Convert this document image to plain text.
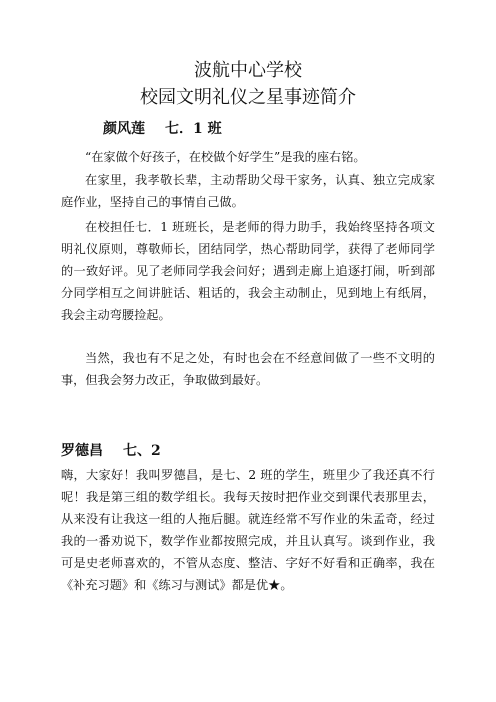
波航中心学校
校园文明礼仪之星事迹简介
颜风莲 七．1 班

“在家做个好孩子，在校做个好学生”是我的座右铭。

在家里，我孝敬长辈，主动帮助父母干家务，认真、独立完成家庭作业，坚持自己的事情自己做。

在校担任七．1 班班长，是老师的得力助手，我始终坚持各项文明礼仪原则，尊敬师长，团结同学，热心帮助同学，获得了老师同学的一致好评。见了老师同学我会问好；遇到走廊上追逐打闹，听到部分同学相互之间讲脏话、粗话的，我会主动制止，见到地上有纸屑，我会主动弯腰捡起。

当然，我也有不足之处，有时也会在不经意间做了一些不文明的事，但我会努力改正，争取做到最好。

罗德昌 七、2

嗨，大家好！我叫罗德昌，是七、2 班的学生，班里少了我还真不行呢！我是第三组的数学组长。我每天按时把作业交到课代表那里去，从来没有让我这一组的人拖后腿。就连经常不写作业的朱孟奇，经过我的一番劝说下，数学作业都按照完成，并且认真写。谈到作业，我可是史老师喜欢的，不管从态度、整洁、字好不好看和正确率，我在《补充习题》和《练习与测试》都是优★。
